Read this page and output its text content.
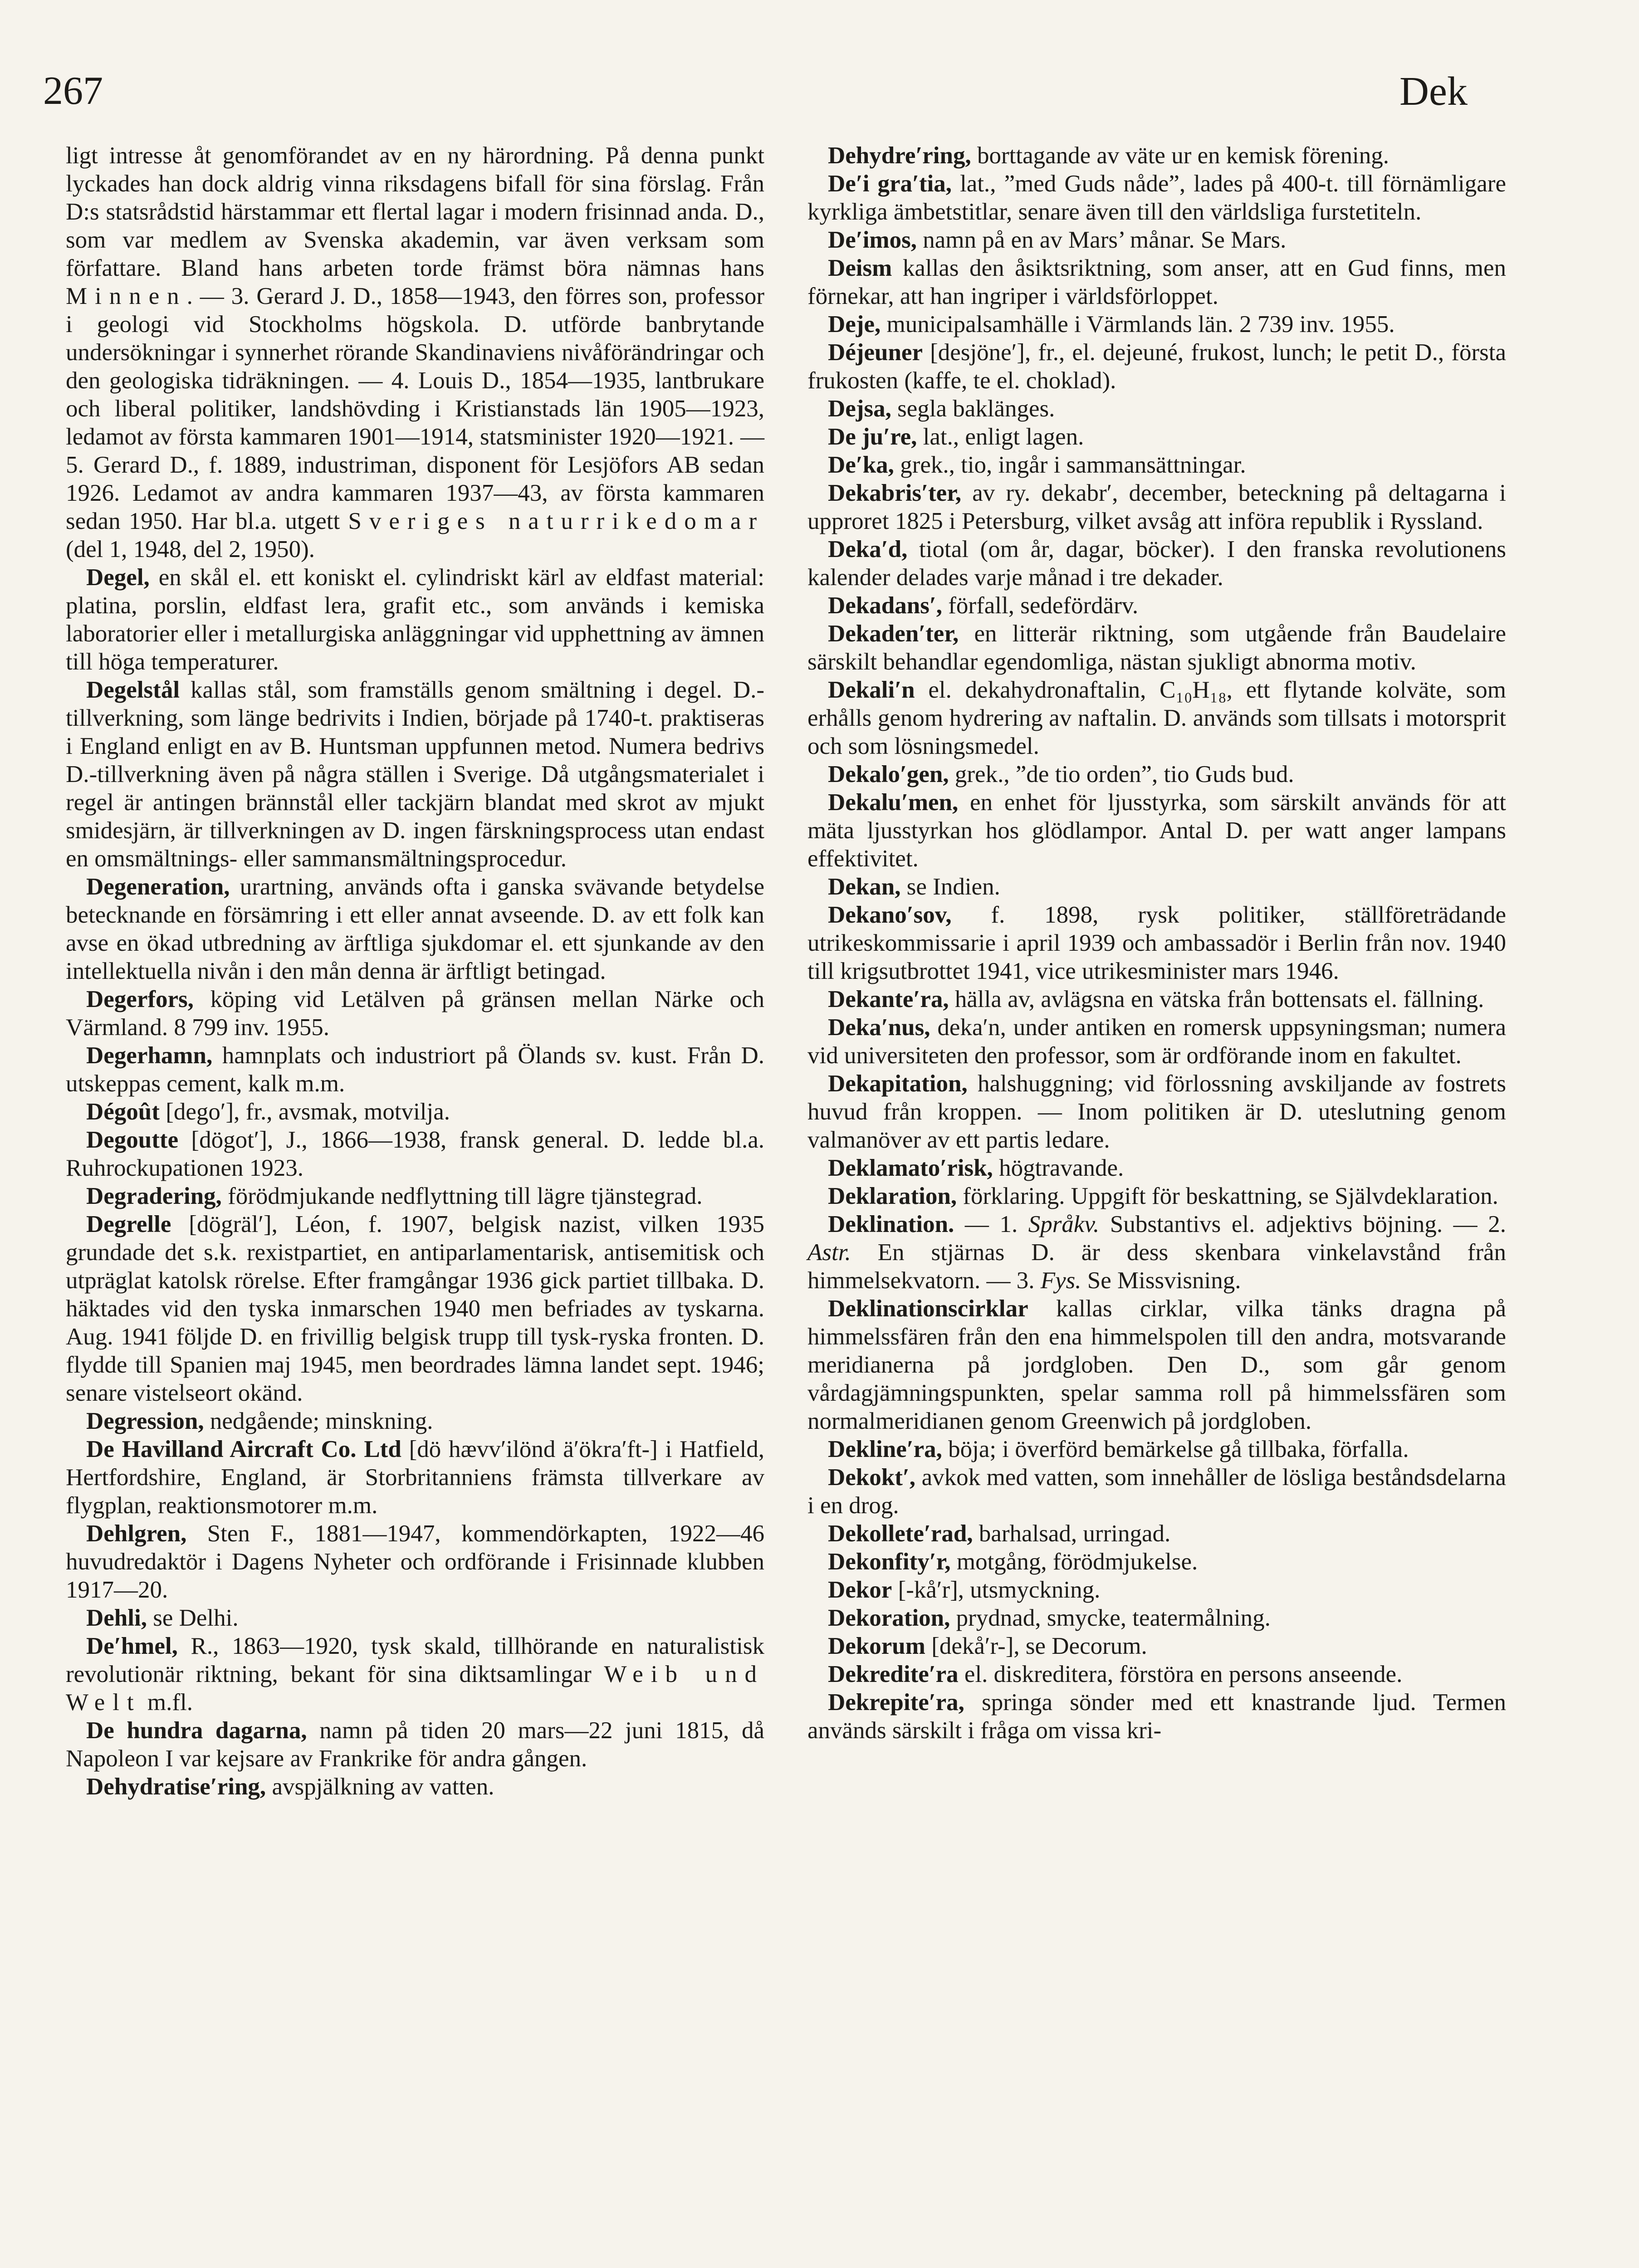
267	Dek

ligt intresse åt genomförandet av en ny härordning. På denna punkt lyckades han dock aldrig vinna riksdagens bifall för sina förslag. Från D:s statsrådstid härstammar ett flertal lagar i modern frisinnad anda. D., som var medlem av Svenska akademin, var även verksam som författare. Bland hans arbeten torde främst böra nämnas hans Minnen. — 3. Gerard J. D., 1858—1943, den förres son, professor i geologi vid Stockholms högskola. D. utförde banbrytande undersökningar i synnerhet rörande Skandinaviens nivåförändringar och den geologiska tidräkningen. — 4. Louis D., 1854—1935, lantbrukare och liberal politiker, landshövding i Kristianstads län 1905—1923, ledamot av första kammaren 1901—1914, statsminister 1920—1921. — 5. Gerard D., f. 1889, industriman, disponent för Lesjöfors AB sedan 1926. Ledamot av andra kammaren 1937—43, av första kammaren sedan 1950. Har bl.a. utgett Sveriges naturrikedomar (del 1, 1948, del 2, 1950).

Degel, en skål el. ett koniskt el. cylindriskt kärl av eldfast material: platina, porslin, eldfast lera, grafit etc., som används i kemiska laboratorier eller i metallurgiska anläggningar vid upphettning av ämnen till höga temperaturer.

Degelstål kallas stål, som framställs genom smältning i degel. D.-tillverkning, som länge bedrivits i Indien, började på 1740-t. praktiseras i England enligt en av B. Huntsman uppfunnen metod. Numera bedrivs D.-tillverkning även på några ställen i Sverige. Då utgångsmaterialet i regel är antingen brännstål eller tackjärn blandat med skrot av mjukt smidesjärn, är tillverkningen av D. ingen färskningsprocess utan endast en omsmältnings- eller sammansmältningsprocedur.

Degeneration, urartning, används ofta i ganska svävande betydelse betecknande en försämring i ett eller annat avseende. D. av ett folk kan avse en ökad utbredning av ärftliga sjukdomar el. ett sjunkande av den intellektuella nivån i den mån denna är ärftligt betingad.

Degerfors, köping vid Letälven på gränsen mellan Närke och Värmland. 8 799 inv. 1955.

Degerhamn, hamnplats och industriort på Ölands sv. kust. Från D. utskeppas cement, kalk m.m.

Dégoût [dego′], fr., avsmak, motvilja.

Degoutte [dögot′], J., 1866—1938, fransk general. D. ledde bl.a. Ruhrockupationen 1923.

Degradering, förödmjukande nedflyttning till lägre tjänstegrad.

Degrelle [dögräl′], Léon, f. 1907, belgisk nazist, vilken 1935 grundade det s.k. rexistpartiet, en antiparlamentarisk, antisemitisk och utpräglat katolsk rörelse. Efter framgångar 1936 gick partiet tillbaka. D. häktades vid den tyska inmarschen 1940 men befriades av tyskarna. Aug. 1941 följde D. en frivillig belgisk trupp till tysk-ryska fronten. D. flydde till Spanien maj 1945, men beordrades lämna landet sept. 1946; senare vistelseort okänd.

Degression, nedgående; minskning.

De Havilland Aircraft Co. Ltd [dö hævv′ilönd ä′ökra′ft-] i Hatfield, Hertfordshire, England, är Storbritanniens främsta tillverkare av flygplan, reaktionsmotorer m.m.

Dehlgren, Sten F., 1881—1947, kommendörkapten, 1922—46 huvudredaktör i Dagens Nyheter och ordförande i Frisinnade klubben 1917—20.

Dehli, se Delhi.

De′hmel, R., 1863—1920, tysk skald, tillhörande en naturalistisk revolutionär riktning, bekant för sina diktsamlingar Weib und Welt m.fl.

De hundra dagarna, namn på tiden 20 mars—22 juni 1815, då Napoleon I var kejsare av Frankrike för andra gången.

Dehydratise′ring, avspjälkning av vatten.

Dehydre′ring, borttagande av väte ur en kemisk förening.

De′i gra′tia, lat., ”med Guds nåde”, lades på 400-t. till förnämligare kyrkliga ämbetstitlar, senare även till den världsliga furstetiteln.

De′imos, namn på en av Mars’ månar. Se Mars.

Deism kallas den åsiktsriktning, som anser, att en Gud finns, men förnekar, att han ingriper i världsförloppet.

Deje, municipalsamhälle i Värmlands län. 2 739 inv. 1955.

Déjeuner [desjöne′], fr., el. dejeuné, frukost, lunch; le petit D., första frukosten (kaffe, te el. choklad).

Dejsa, segla baklänges.

De ju′re, lat., enligt lagen.

De′ka, grek., tio, ingår i sammansättningar.

Dekabris′ter, av ry. dekabr′, december, beteckning på deltagarna i upproret 1825 i Petersburg, vilket avsåg att införa republik i Ryssland.

Deka′d, tiotal (om år, dagar, böcker). I den franska revolutionens kalender delades varje månad i tre dekader.

Dekadans′, förfall, sedefördärv.

Dekaden′ter, en litterär riktning, som utgående från Baudelaire särskilt behandlar egendomliga, nästan sjukligt abnorma motiv.

Dekali′n el. dekahydronaftalin, C₁₀H₁₈, ett flytande kolväte, som erhålls genom hydrering av naftalin. D. används som tillsats i motorsprit och som lösningsmedel.

Dekalo′gen, grek., ”de tio orden”, tio Guds bud.

Dekalu′men, en enhet för ljusstyrka, som särskilt används för att mäta ljusstyrkan hos glödlampor. Antal D. per watt anger lampans effektivitet.

Dekan, se Indien.

Dekano′sov, f. 1898, rysk politiker, ställföreträdande utrikeskommissarie i april 1939 och ambassadör i Berlin från nov. 1940 till krigsutbrottet 1941, vice utrikesminister mars 1946.

Dekante′ra, hälla av, avlägsna en vätska från bottensats el. fällning.

Deka′nus, deka′n, under antiken en romersk uppsyningsman; numera vid universiteten den professor, som är ordförande inom en fakultet.

Dekapitation, halshuggning; vid förlossning avskiljande av fostrets huvud från kroppen. — Inom politiken är D. uteslutning genom valmanöver av ett partis ledare.

Deklamato′risk, högtravande.

Deklaration, förklaring. Uppgift för beskattning, se Självdeklaration.

Deklination. — 1. Språkv. Substantivs el. adjektivs böjning. — 2. Astr. En stjärnas D. är dess skenbara vinkelavstånd från himmelsekvatorn. — 3. Fys. Se Missvisning.

Deklinationscirklar kallas cirklar, vilka tänks dragna på himmelssfären från den ena himmelspolen till den andra, motsvarande meridianerna på jordgloben. Den D., som går genom vårdagjämningspunkten, spelar samma roll på himmelssfären som normalmeridianen genom Greenwich på jordgloben.

Dekline′ra, böja; i överförd bemärkelse gå tillbaka, förfalla.

Dekokt′, avkok med vatten, som innehåller de lösliga beståndsdelarna i en drog.

Dekollete′rad, barhalsad, urringad.

Dekonfity′r, motgång, förödmjukelse.

Dekor [-kå′r], utsmyckning.

Dekoration, prydnad, smycke, teatermålning.

Dekorum [dekå′r-], se Decorum.

Dekredite′ra el. diskreditera, förstöra en persons anseende.

Dekrepite′ra, springa sönder med ett knastrande ljud. Termen används särskilt i fråga om vissa kri-
